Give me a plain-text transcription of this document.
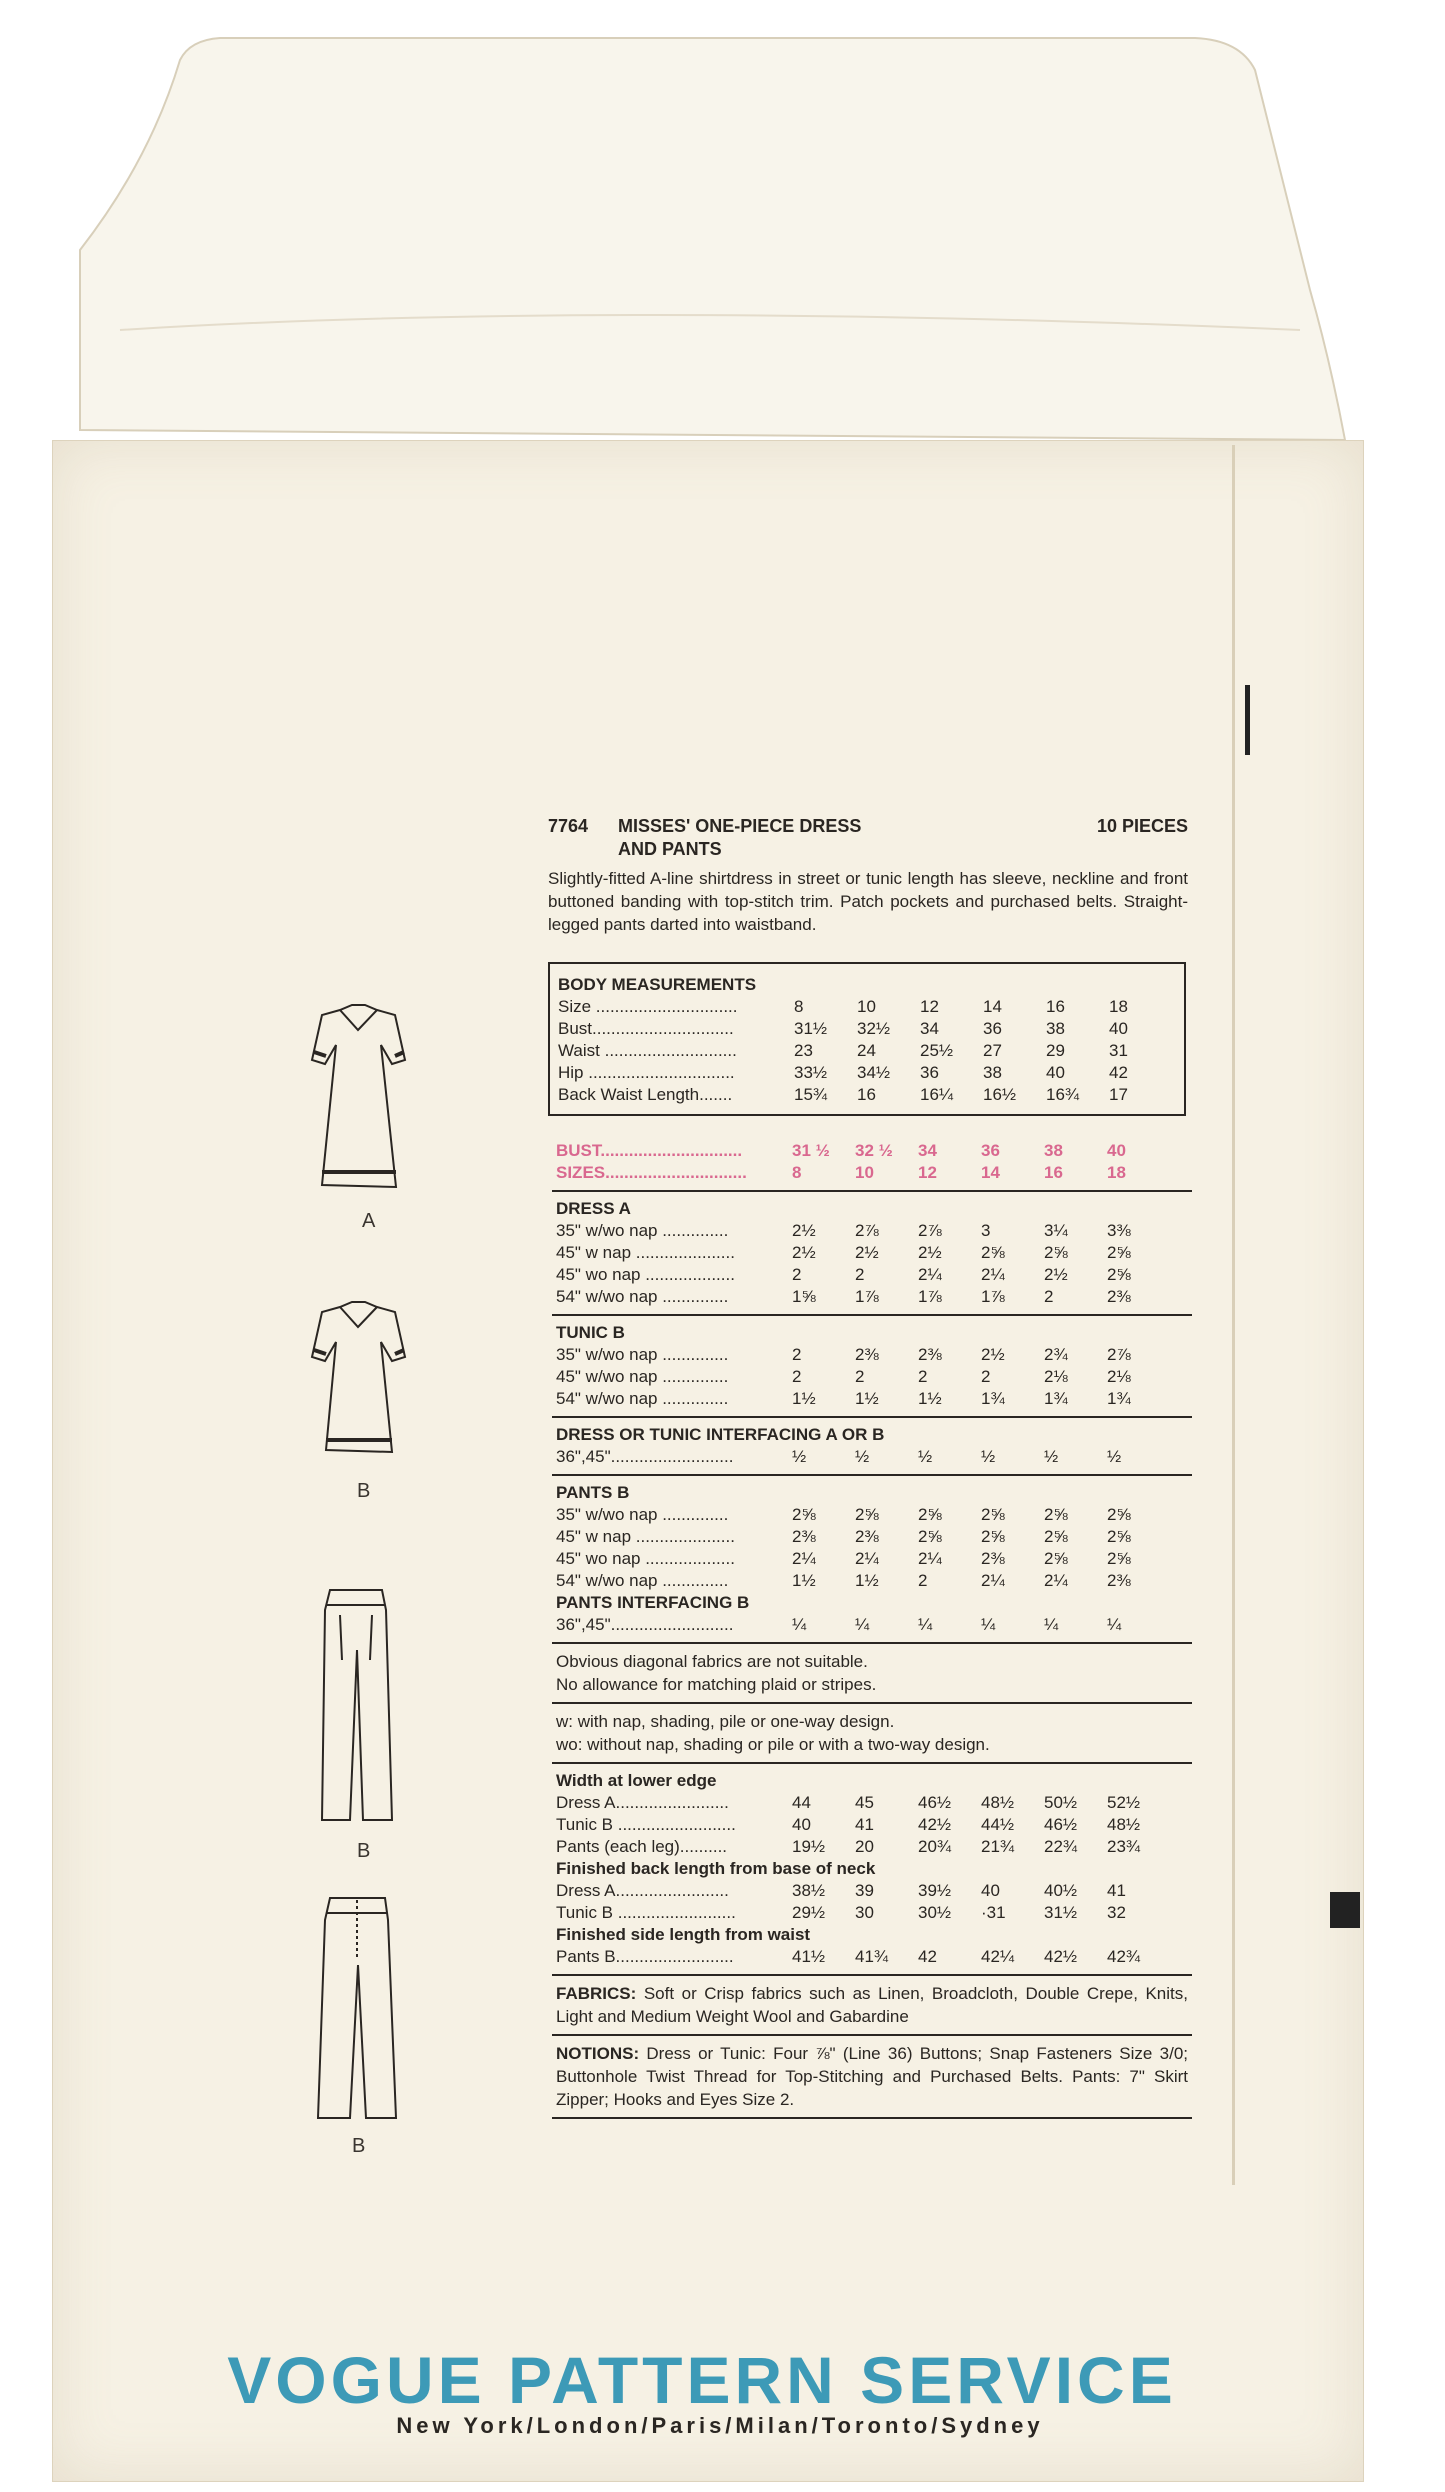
A
B
B
B
7764	MISSES' ONE-PIECE DRESS
AND PANTS
10 PIECES
Slightly-fitted A-line shirtdress in street or tunic length has sleeve, neckline and front buttoned banding with top-stitch trim. Patch pockets and purchased belts. Straight-legged pants darted into waistband.
BODY MEASUREMENTS
Size ..............................	8	10	12	14	16	18
Bust..............................	31½	32½	34	36	38	40
Waist ............................	23	24	25½	27	29	31
Hip ...............................	33½	34½	36	38	40	42
Back Waist Length.......	15¾	16	16¼	16½	16¾	17
BUST..............................	31 ½	32 ½	34	36	38	40
SIZES..............................	8	10	12	14	16	18
DRESS A
35" w/wo nap ..............	2½	2⅞	2⅞	3	3¼	3⅜
45" w nap .....................	2½	2½	2½	2⅝	2⅝	2⅝
45" wo nap ...................	2	2	2¼	2¼	2½	2⅝
54" w/wo nap ..............	1⅝	1⅞	1⅞	1⅞	2	2⅜
TUNIC B
35" w/wo nap ..............	2	2⅜	2⅜	2½	2¾	2⅞
45" w/wo nap ..............	2	2	2	2	2⅛	2⅛
54" w/wo nap ..............	1½	1½	1½	1¾	1¾	1¾
DRESS OR TUNIC INTERFACING A OR B
36",45"..........................	½	½	½	½	½	½
PANTS B
35" w/wo nap ..............	2⅝	2⅝	2⅝	2⅝	2⅝	2⅝
45" w nap .....................	2⅜	2⅜	2⅝	2⅝	2⅝	2⅝
45" wo nap ...................	2¼	2¼	2¼	2⅜	2⅝	2⅝
54" w/wo nap ..............	1½	1½	2	2¼	2¼	2⅜
PANTS INTERFACING B
36",45"..........................	¼	¼	¼	¼	¼	¼
Obvious diagonal fabrics are not suitable.
No allowance for matching plaid or stripes.
w: with nap, shading, pile or one-way design.
wo: without nap, shading or pile or with a two-way design.
Width at lower edge
Dress A........................	44	45	46½	48½	50½	52½
Tunic B .........................	40	41	42½	44½	46½	48½
Pants (each leg)..........	19½	20	20¾	21¾	22¾	23¾
Finished back length from base of neck
Dress A........................	38½	39	39½	40	40½	41
Tunic B .........................	29½	30	30½	·31	31½	32
Finished side length from waist
Pants B.........................	41½	41¾	42	42¼	42½	42¾
FABRICS: Soft or Crisp fabrics such as Linen, Broadcloth, Double Crepe, Knits, Light and Medium Weight Wool and Gabardine
NOTIONS: Dress or Tunic: Four ⅞" (Line 36) Buttons; Snap Fasteners Size 3/0; Buttonhole Twist Thread for Top-Stitching and Purchased Belts. Pants: 7" Skirt Zipper; Hooks and Eyes Size 2.
VOGUE PATTERN SERVICE
New York/London/Paris/Milan/Toronto/Sydney
